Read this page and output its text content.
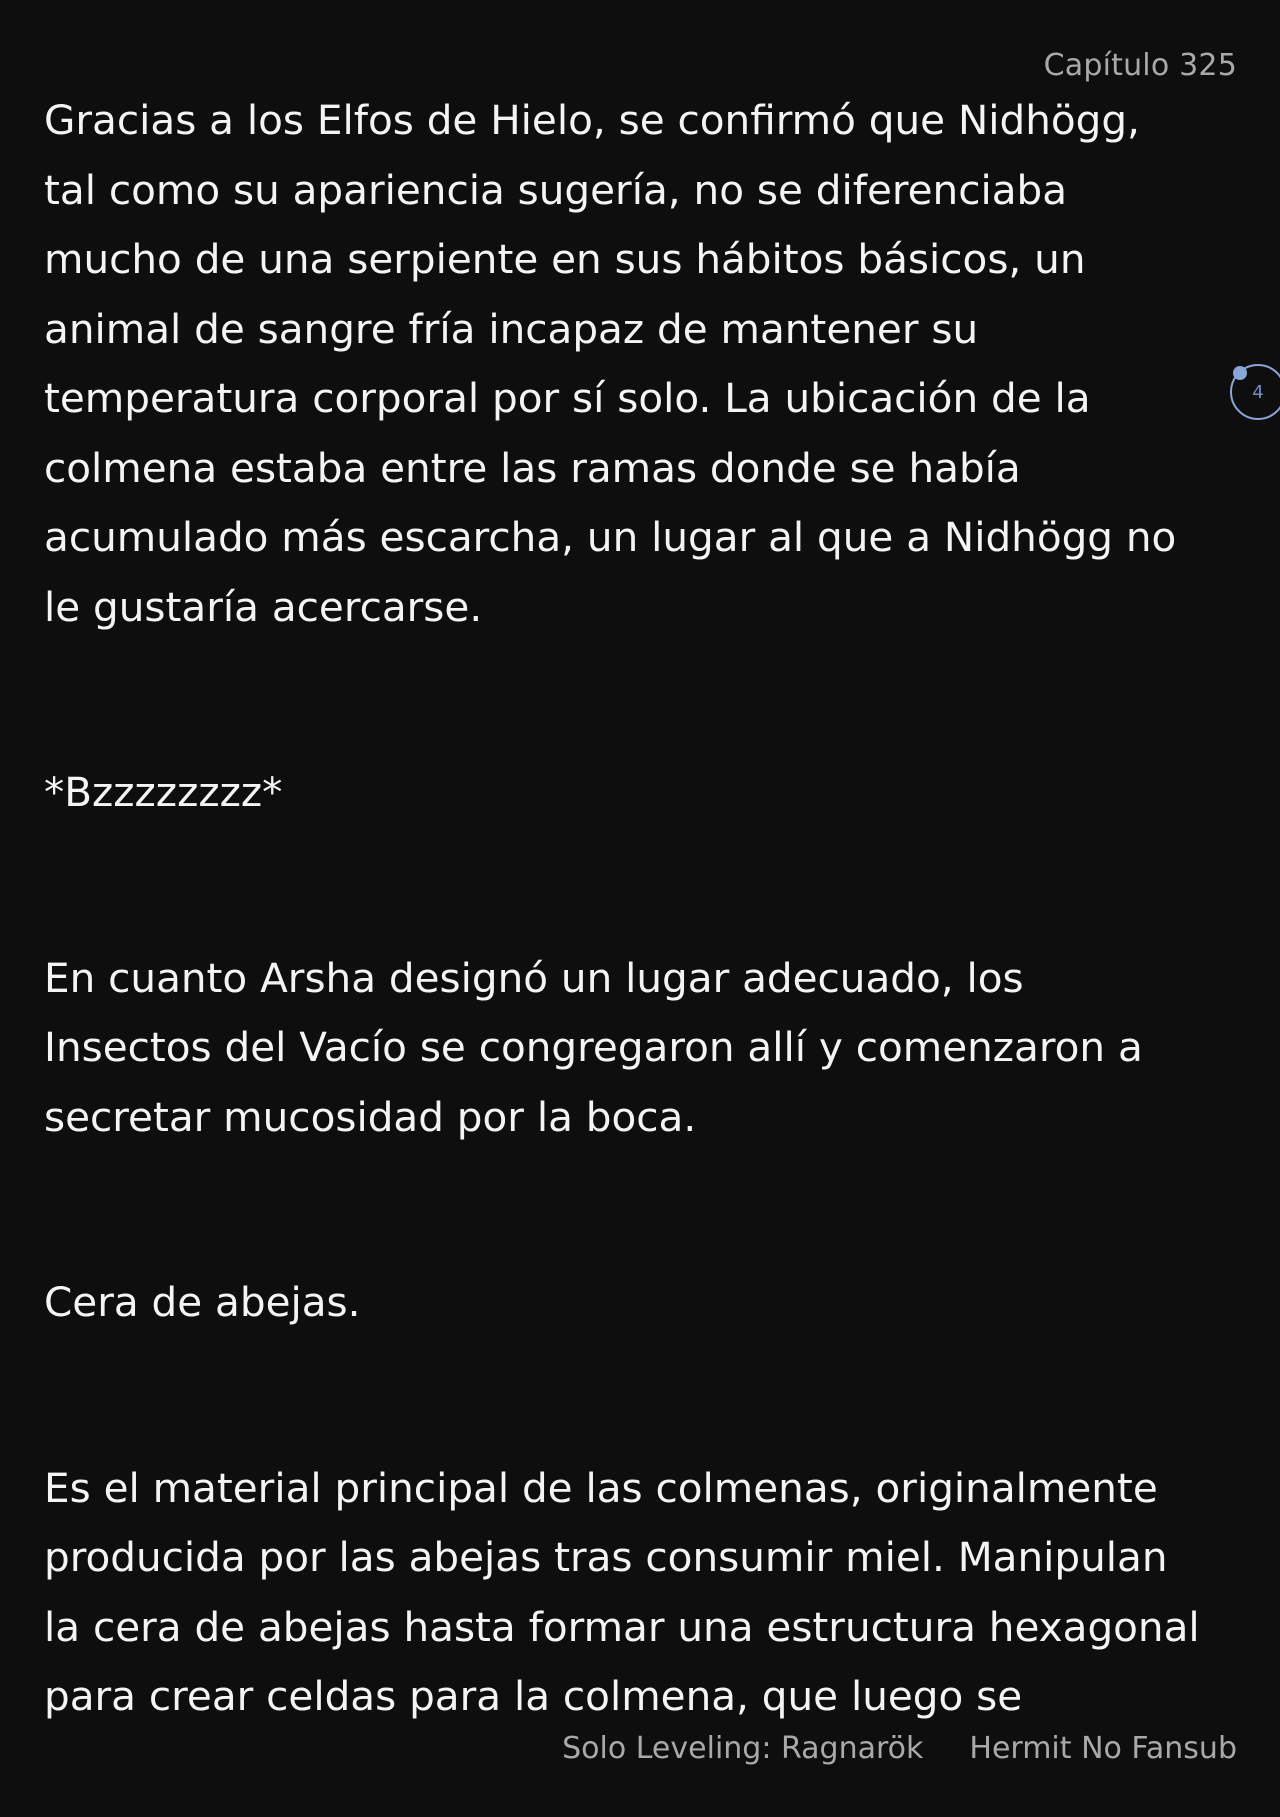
Capítulo 325

Gracias a los Elfos de Hielo, se confirmó que Nidhögg,
tal como su apariencia sugería, no se diferenciaba
mucho de una serpiente en sus hábitos básicos, un
animal de sangre fría incapaz de mantener su
temperatura corporal por sí solo. La ubicación de la
colmena estaba entre las ramas donde se había
acumulado más escarcha, un lugar al que a Nidhögg no
le gustaría acercarse.

*Bzzzzzzzz*

En cuanto Arsha designó un lugar adecuado, los
Insectos del Vacío se congregaron allí y comenzaron a
secretar mucosidad por la boca.

Cera de abejas.

Es el material principal de las colmenas, originalmente
producida por las abejas tras consumir miel. Manipulan
la cera de abejas hasta formar una estructura hexagonal
para crear celdas para la colmena, que luego se

4
Solo Leveling: Ragnarök Hermit No Fansub
